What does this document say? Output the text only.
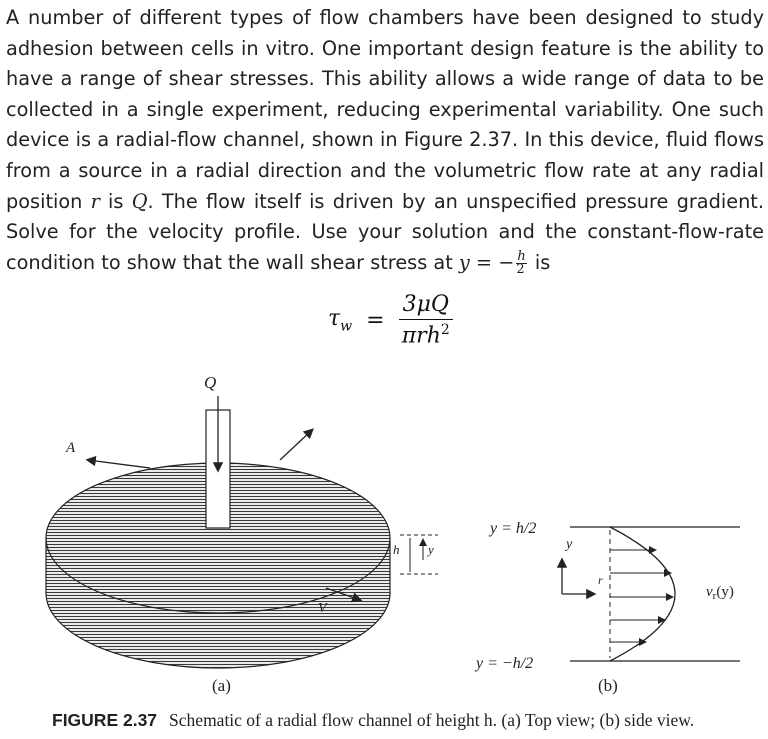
A number of different types of flow chambers have been designed to study
adhesion between cells in vitro. One important design feature is the ability to
have a range of shear stresses. This ability allows a wide range of data to be
collected in a single experiment, reducing experimental variability. One such
device is a radial-flow channel, shown in Figure 2.37. In this device, fluid flows
from a source in a radial direction and the volumetric flow rate at any radial
position r is Q. The flow itself is driven by an unspecified pressure gradient.
Solve for the velocity profile. Use your solution and the constant-flow-rate
condition to show that the wall shear stress at y = − $\frac{h}{2}$ is
$\tau_w = \frac{3\mu Q}{\pi rh^2}$
Q
A
V
h y
y = h/2
y = −h/2
y
r
$v_r(y)$
(a)	(b)
FIGURE 2.37 Schematic of a radial flow channel of height h. (a) Top view; (b) side view.
